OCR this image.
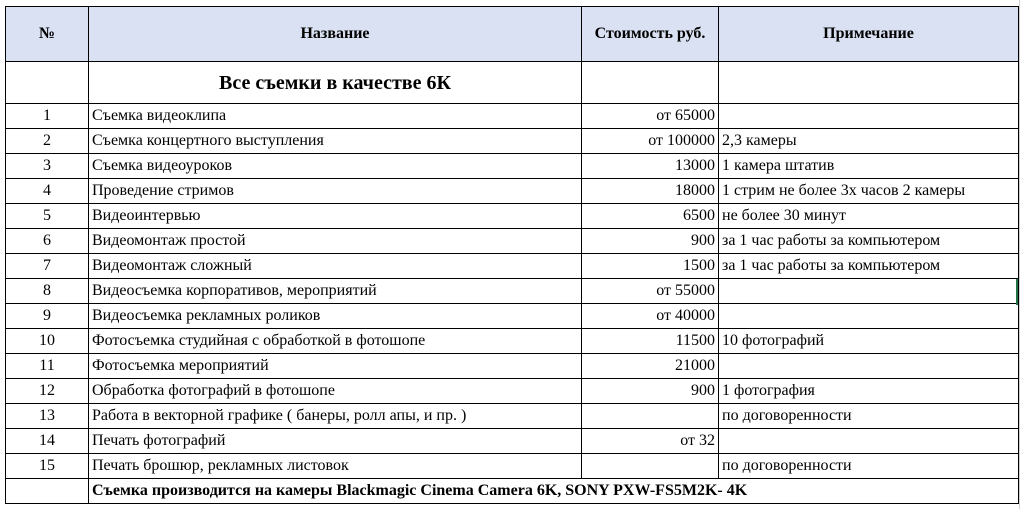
№	Название	Стоимость руб.	Примечание
	Все съемки в качестве 6К		
1	Съемка видеоклипа	от 65000	
2	Съемка концертного выступления	от 100000	2,3 камеры
3	Съемка видеоуроков	13000	1 камера штатив
4	Проведение стримов	18000	1 стрим не более 3х часов 2 камеры
5	Видеоинтервью	6500	не более 30 минут
6	Видеомонтаж простой	900	за 1 час работы за компьютером
7	Видеомонтаж сложный	1500	за 1 час работы за компьютером
8	Видеосъемка корпоративов, мероприятий	от 55000	
9	Видеосъемка рекламных роликов	от 40000	
10	Фотосъемка студийная с обработкой в фотошопе	11500	10 фотографий
11	Фотосъемка мероприятий	21000	
12	Обработка фотографий в фотошопе	900	1 фотография
13	Работа в векторной графике ( банеры, ролл апы, и пр. )		по договоренности
14	Печать фотографий	от 32	
15	Печать брошюр, рекламных листовок		по договоренности
	Съемка производится на камеры Blackmagic Cinema Camera 6K, SONY PXW-FS5M2K- 4K		
